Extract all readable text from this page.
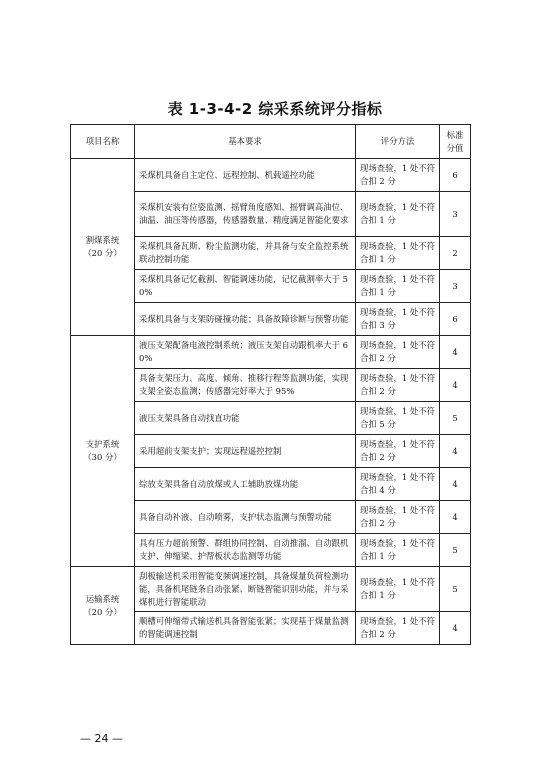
表 1-3-4-2 综采系统评分指标
项目名称	基本要求	评分方法	标准分值

割煤系统
（20 分）	采煤机具备自主定位、远程控制、机载遥控功能	现场查验，1 处不符合扣 2 分	6
	采煤机安装有位姿监测、摇臂角度感知、摇臂调高油位、油温、油压等传感器，传感器数量、精度满足智能化要求	现场查验，1 处不符合扣 1 分	3
	采煤机具备瓦斯、粉尘监测功能，并具备与安全监控系统联动控制功能	现场查验，1 处不符合扣 1 分	2
	采煤机具备记忆截割、智能调速功能，记忆截割率大于 50%	现场查验，1 处不符合扣 1 分	3
	采煤机具备与支架防碰撞功能；具备故障诊断与预警功能	现场查验，1 处不符合扣 3 分	6

支护系统
（30 分）	液压支架配备电液控制系统；液压支架自动跟机率大于 60%	现场查验，1 处不符合扣 2 分	4
	具备支架压力、高度、倾角、推移行程等监测功能，实现支架全姿态监测；传感器完好率大于 95%	现场查验，1 处不符合扣 2 分	4
	液压支架具备自动找直功能	现场查验，1 处不符合扣 5 分	5
	采用超前支架支护；实现远程遥控控制	现场查验，1 处不符合扣 2 分	4
	综放支架具备自动放煤或人工辅助放煤功能	现场查验，1 处不符合扣 4 分	4
	具备自动补液、自动喷雾，支护状态监测与预警功能	现场查验，1 处不符合扣 2 分	4
	具有压力超前预警、群组协同控制、自动推溜、自动跟机支护、伸缩梁、护帮板状态监测等功能	现场查验，1 处不符合扣 1 分	5

运输系统
（20 分）	刮板输送机采用智能变频调速控制，具备煤量负荷检测功能，具备机尾链条自动张紧、断链智能识别功能，并与采煤机进行智能联动	现场查验，1 处不符合扣 1 分	5
	顺槽可伸缩带式输送机具备智能张紧；实现基于煤量监测的智能调速控制	现场查验，1 处不符合扣 2 分	4
— 24 —
